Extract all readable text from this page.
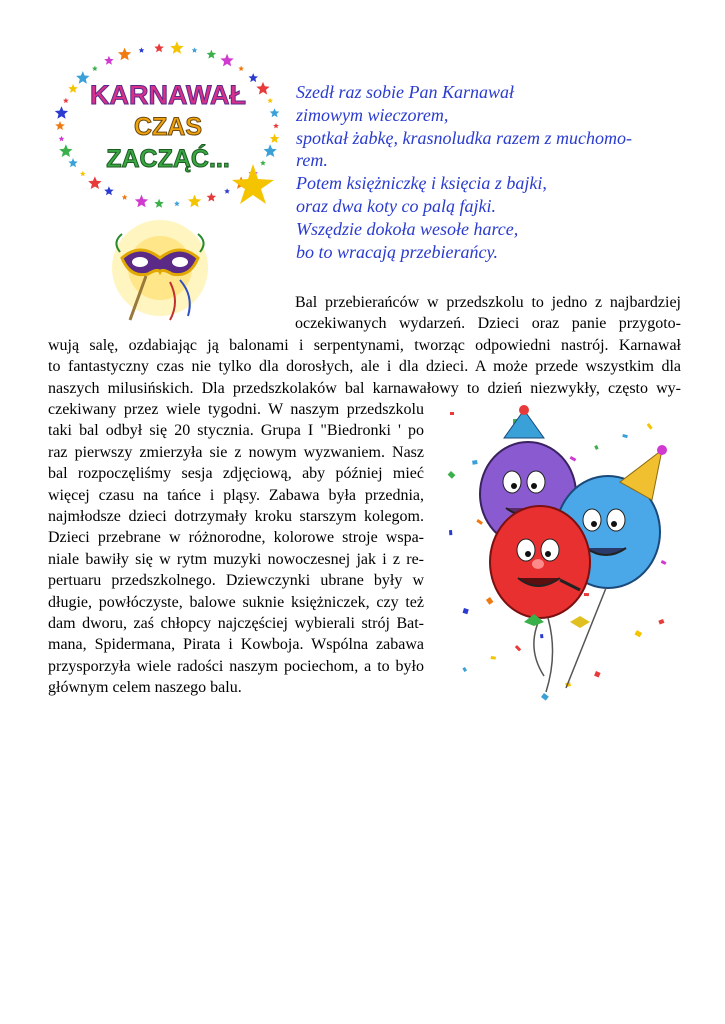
KARNAWAŁ
CZAS
ZACZĄĆ...
Szedł raz sobie Pan Karnawał
zimowym wieczorem,
spotkał żabkę, krasnoludka razem z muchomo-
rem.
Potem księżniczkę i księcia z bajki,
oraz dwa koty co palą fajki.
Wszędzie dokoła wesołe harce,
bo to wracają przebierańcy.
Bal przebierańców w przedszkolu to jedno z najbardziej
oczekiwanych wydarzeń. Dzieci oraz panie przygoto-
wują salę, ozdabiając ją balonami i serpentynami, tworząc odpowiedni nastrój. Karnawał
to fantastyczny czas nie tylko dla dorosłych, ale i dla dzieci. A może przede wszystkim dla
naszych milusińskich. Dla przedszkolaków bal karnawałowy to dzień niezwykły, często wy-
czekiwany przez wiele tygodni. W naszym przedszkolu
taki bal odbył się 20 stycznia. Grupa I "Biedronki ' po
raz pierwszy zmierzyła sie z nowym wyzwaniem. Nasz
bal rozpoczęliśmy sesja zdjęciową, aby później mieć
więcej czasu na tańce i pląsy. Zabawa była przednia,
najmłodsze dzieci dotrzymały kroku starszym kolegom.
Dzieci przebrane w różnorodne, kolorowe stroje wspa-
niale bawiły się w rytm muzyki nowoczesnej jak i z re-
pertuaru przedszkolnego. Dziewczynki ubrane były w
długie, powłóczyste, balowe suknie księżniczek, czy też
dam dworu, zaś chłopcy najczęściej wybierali strój Bat-
mana, Spidermana, Pirata i Kowboja. Wspólna zabawa
przysporzyła wiele radości naszym pociechom, a to było
głównym celem naszego balu.
